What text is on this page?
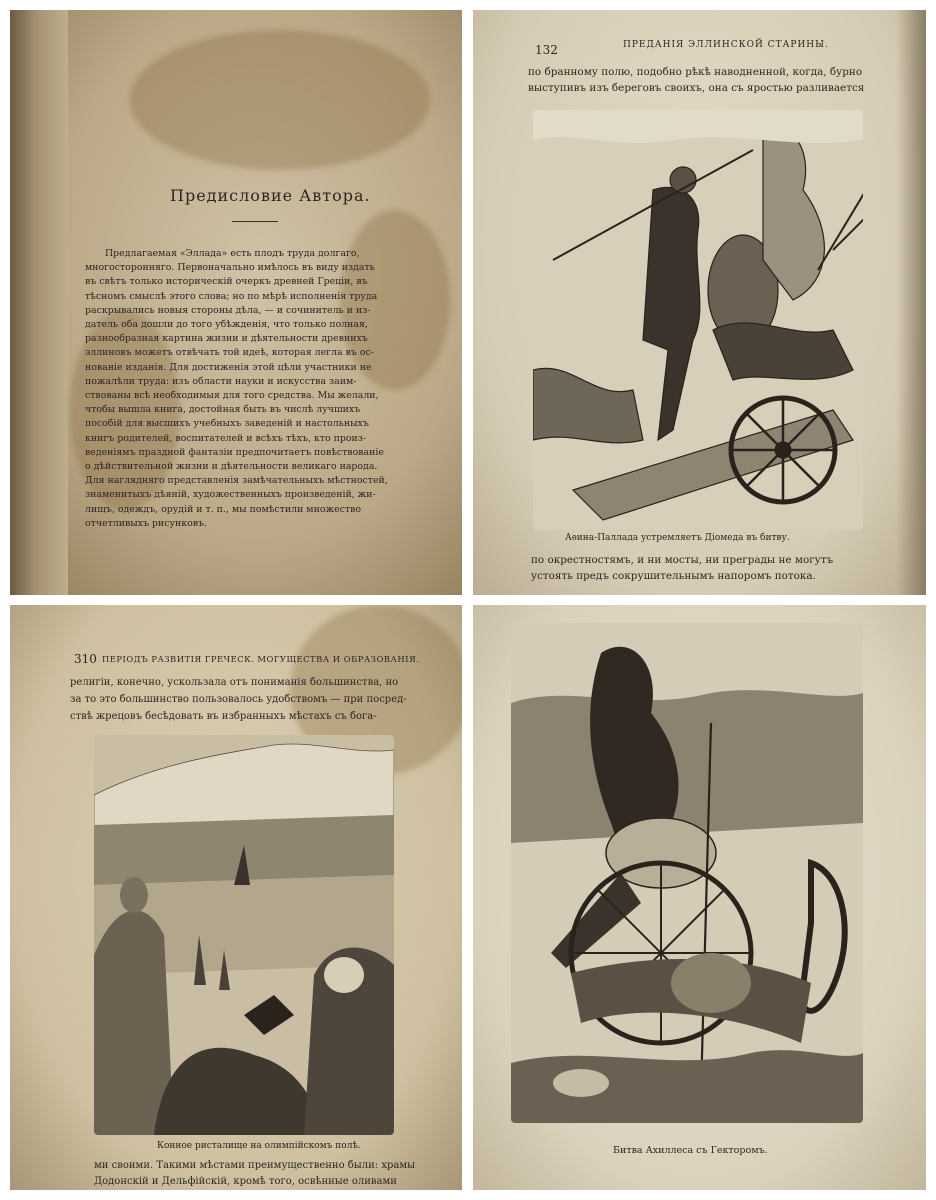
Предисловие Автора.
Предлагаемая «Эллада» есть плодъ труда долгаго,
многосторонняго. Первоначально имѣлось въ виду издать
въ свѣтъ только историческій очеркъ древней Греціи, въ
тѣсномъ смыслѣ этого слова; но по мѣрѣ исполненія труда
раскрывались новыя стороны дѣла, — и сочинитель и из-
датель оба дошли до того убѣжденія, что только полная,
разнообразная картина жизни и дѣятельности древнихъ
эллиновъ можетъ отвѣчать той идеѣ, которая легла въ ос-
нованіе изданія. Для достиженія этой цѣли участники не
пожалѣли труда: изъ области науки и искусства заим-
ствованы всѣ необходимыя для того средства. Мы желали,
чтобы вышла книга, достойная быть въ числѣ лучшихъ
пособій для высшихъ учебныхъ заведеній и настольныхъ
книгъ родителей, воспитателей и всѣхъ тѣхъ, кто произ-
веденіямъ праздной фантазіи предпочитаетъ повѣствованіе
о дѣйствительной жизни и дѣятельности великаго народа.
Для наглядняго представленія замѣчательныхъ мѣстностей,
знаменитыхъ дѣяній, художественныхъ произведеній, жи-
лищъ, одеждъ, орудій и т. п., мы помѣстили множество
отчетливыхъ рисунковъ.
132	ПРЕДАНІЯ ЭЛЛИНСКОЙ СТАРИНЫ.
по бранному полю, подобно рѣкѣ наводненной, когда, бурно
выступивъ изъ береговъ своихъ, она съ яростью разливается
Аѳина-Паллада устремляетъ Діомеда въ битву.
по окрестностямъ, и ни мосты, ни преграды не могутъ
устоять предъ сокрушительнымъ напоромъ потока.
310 ПЕРІОДЪ РАЗВИТІЯ ГРЕЧЕСК. МОГУЩЕСТВА И ОБРАЗОВАНІЯ.
религіи, конечно, ускользала отъ пониманія большинства, но
за то это большинство пользовалось удобствомъ — при посред-
ствѣ жрецовъ бесѣдовать въ избранныхъ мѣстахъ съ бога-
Конное ристалище на олимпійскомъ полѣ.
ми своими. Такими мѣстами преимущественно были: храмы
Додонскій и Дельфійскій, кромѣ того, освѣнные оливами
Битва Ахиллеса съ Гекторомъ.
